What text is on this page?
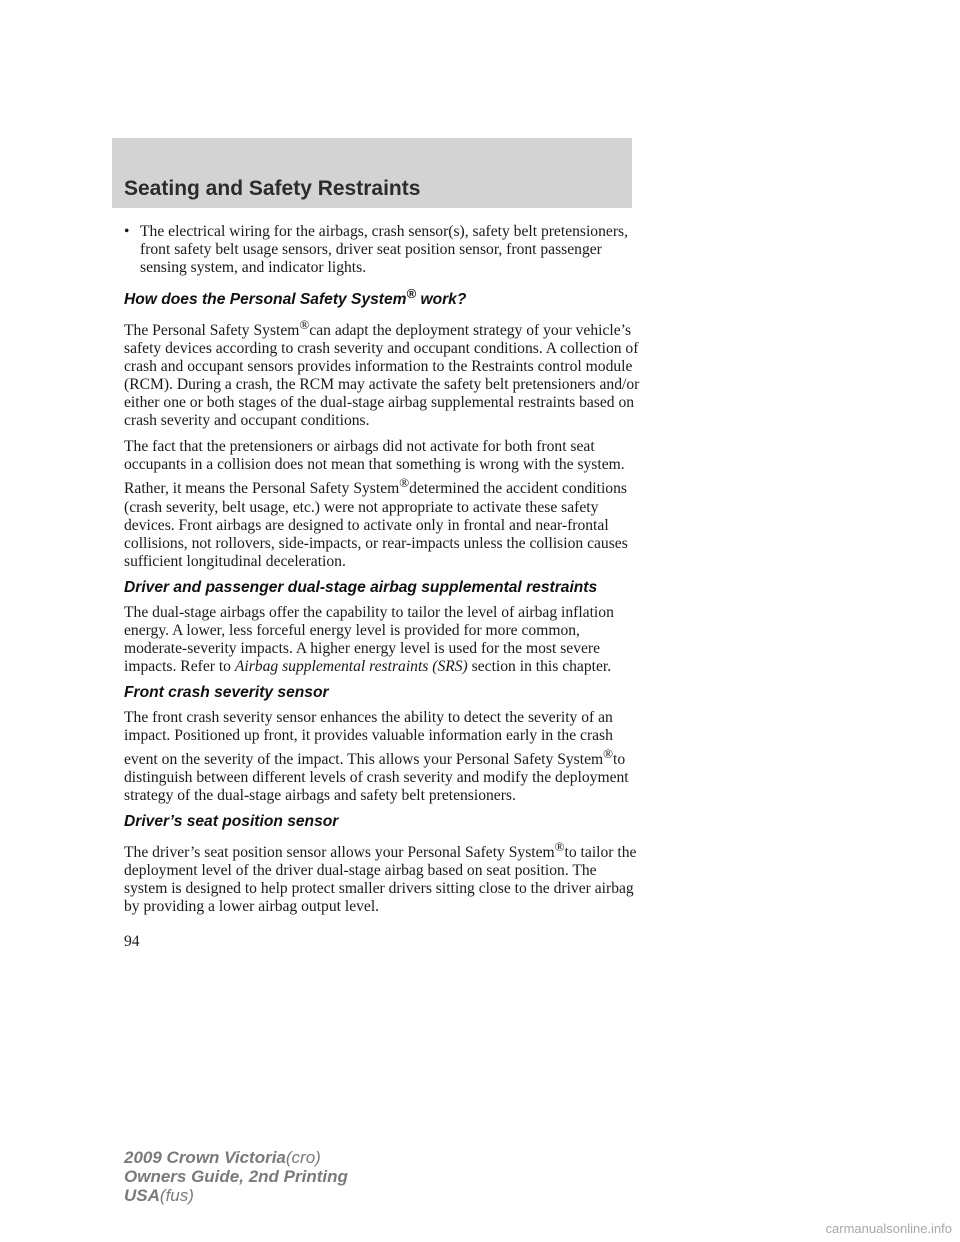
Seating and Safety Restraints
• The electrical wiring for the airbags, crash sensor(s), safety belt pretensioners, front safety belt usage sensors, driver seat position sensor, front passenger sensing system, and indicator lights.
How does the Personal Safety System® work?

The Personal Safety System®can adapt the deployment strategy of your vehicle’s safety devices according to crash severity and occupant conditions. A collection of crash and occupant sensors provides information to the Restraints control module (RCM). During a crash, the RCM may activate the safety belt pretensioners and/or either one or both stages of the dual-stage airbag supplemental restraints based on crash severity and occupant conditions.

The fact that the pretensioners or airbags did not activate for both front seat occupants in a collision does not mean that something is wrong with the system. Rather, it means the Personal Safety System®determined the accident conditions (crash severity, belt usage, etc.) were not appropriate to activate these safety devices. Front airbags are designed to activate only in frontal and near-frontal collisions, not rollovers, side-impacts, or rear-impacts unless the collision causes sufficient longitudinal deceleration.

Driver and passenger dual-stage airbag supplemental restraints

The dual-stage airbags offer the capability to tailor the level of airbag inflation energy. A lower, less forceful energy level is provided for more common, moderate-severity impacts. A higher energy level is used for the most severe impacts. Refer to Airbag supplemental restraints (SRS) section in this chapter.

Front crash severity sensor

The front crash severity sensor enhances the ability to detect the severity of an impact. Positioned up front, it provides valuable information early in the crash event on the severity of the impact. This allows your Personal Safety System®to distinguish between different levels of crash severity and modify the deployment strategy of the dual-stage airbags and safety belt pretensioners.

Driver’s seat position sensor

The driver’s seat position sensor allows your Personal Safety System®to tailor the deployment level of the driver dual-stage airbag based on seat position. The system is designed to help protect smaller drivers sitting close to the driver airbag by providing a lower airbag output level.

94
2009 Crown Victoria(cro)
Owners Guide, 2nd Printing
USA(fus)
carmanualsonline.info
